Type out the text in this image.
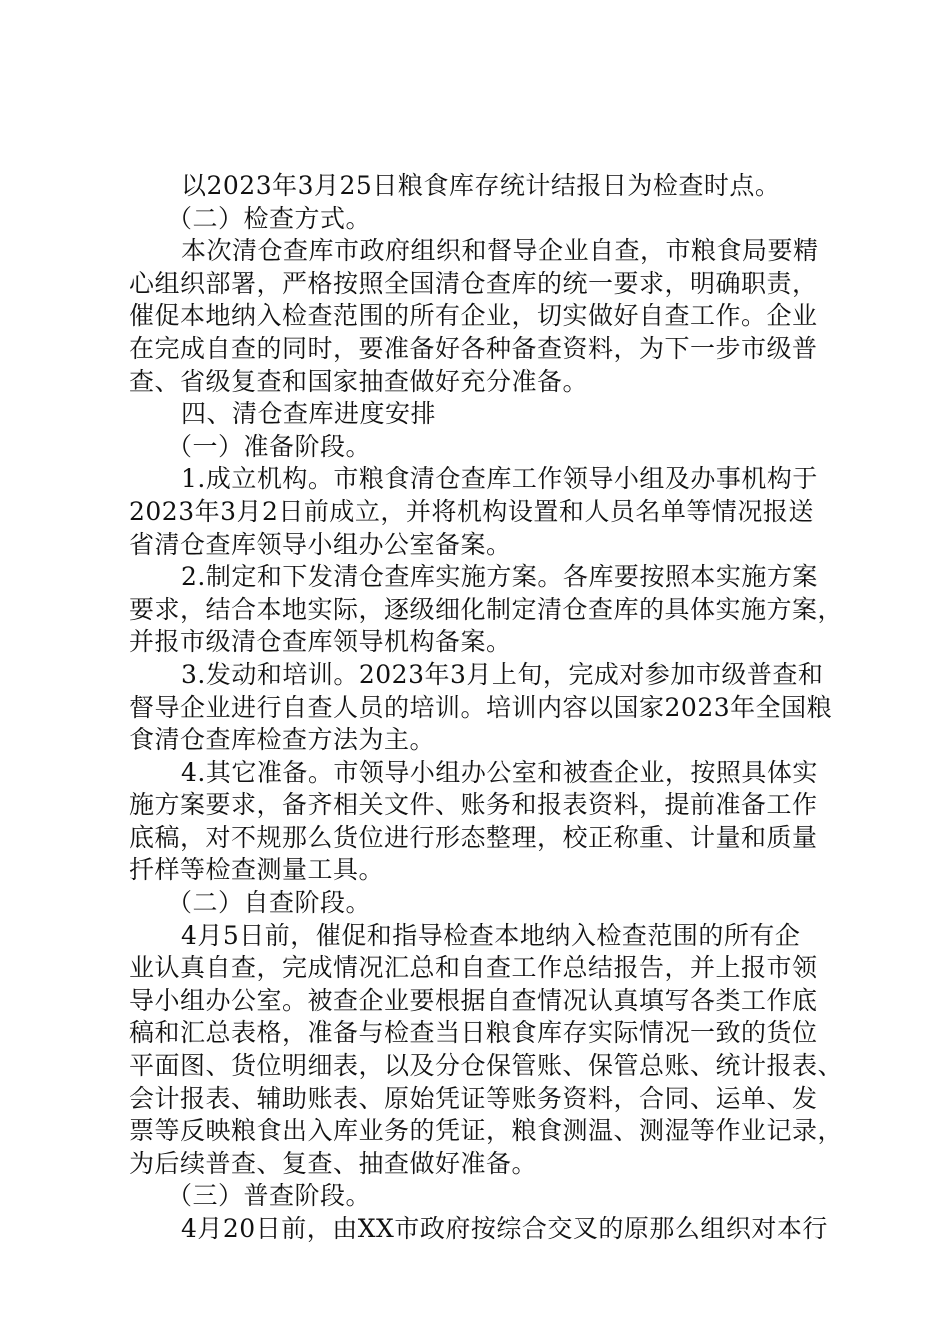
以2023年3月25日粮食库存统计结报日为检查时点。
（二）检查方式。
本次清仓查库市政府组织和督导企业自查，市粮食局要精
心组织部署，严格按照全国清仓查库的统一要求，明确职责，
催促本地纳入检查范围的所有企业，切实做好自查工作。企业
在完成自查的同时，要准备好各种备查资料，为下一步市级普
查、省级复查和国家抽查做好充分准备。
四、清仓查库进度安排
（一）准备阶段。
1.成立机构。市粮食清仓查库工作领导小组及办事机构于
2023年3月2日前成立，并将机构设置和人员名单等情况报送
省清仓查库领导小组办公室备案。
2.制定和下发清仓查库实施方案。各库要按照本实施方案
要求，结合本地实际，逐级细化制定清仓查库的具体实施方案，
并报市级清仓查库领导机构备案。
3.发动和培训。2023年3月上旬，完成对参加市级普查和
督导企业进行自查人员的培训。培训内容以国家2023年全国粮
食清仓查库检查方法为主。
4.其它准备。市领导小组办公室和被查企业，按照具体实
施方案要求，备齐相关文件、账务和报表资料，提前准备工作
底稿，对不规那么货位进行形态整理，校正称重、计量和质量
扦样等检查测量工具。
（二）自查阶段。
4月5日前，催促和指导检查本地纳入检查范围的所有企
业认真自查，完成情况汇总和自查工作总结报告，并上报市领
导小组办公室。被查企业要根据自查情况认真填写各类工作底
稿和汇总表格，准备与检查当日粮食库存实际情况一致的货位
平面图、货位明细表，以及分仓保管账、保管总账、统计报表、
会计报表、辅助账表、原始凭证等账务资料，合同、运单、发
票等反映粮食出入库业务的凭证，粮食测温、测湿等作业记录，
为后续普查、复查、抽查做好准备。
（三）普查阶段。
4月20日前，由XX市政府按综合交叉的原那么组织对本行
